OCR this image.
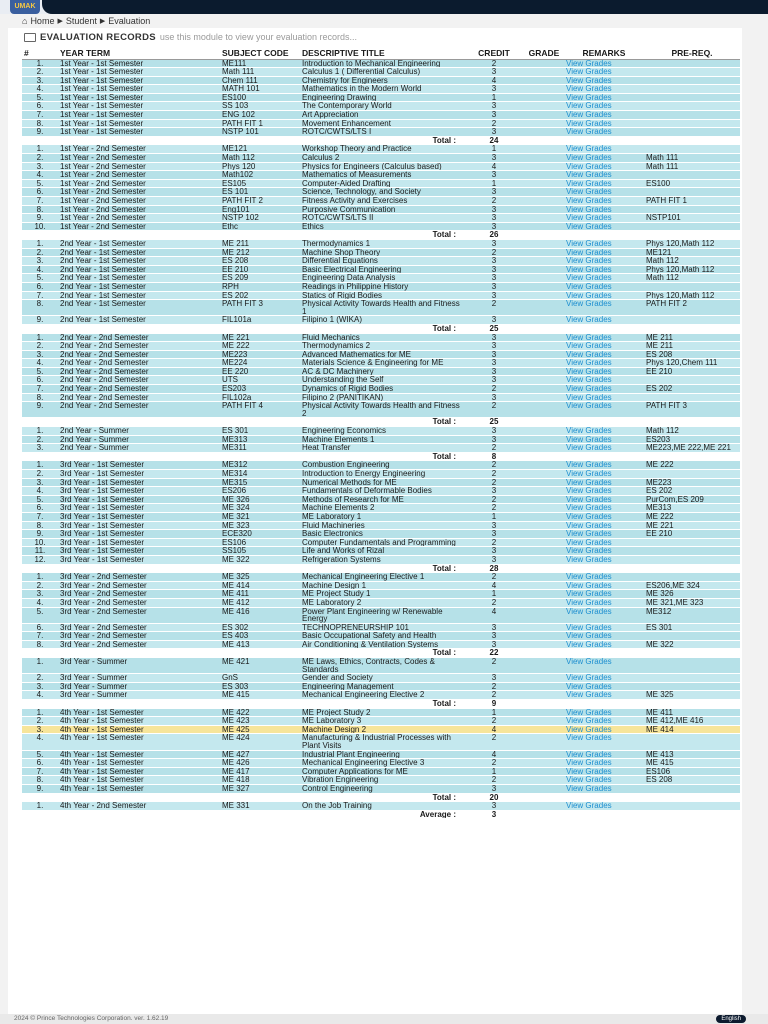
UMAK
⌂ Home ▶ Student ▶ Evaluation
EVALUATION RECORDS use this module to view your evaluation records...
#	YEAR TERM	SUBJECT CODE	DESCRIPTIVE TITLE	CREDIT	GRADE	REMARKS	PRE-REQ.
1.	1st Year - 1st Semester	ME111	Introduction to Mechanical Engineering	2		View Grades	
2.	1st Year - 1st Semester	Math 111	Calculus 1 ( Differential Calculus)	3		View Grades	
3.	1st Year - 1st Semester	Chem 111	Chemistry for Engineers	4		View Grades	
4.	1st Year - 1st Semester	MATH 101	Mathematics in the Modern World	3		View Grades	
5.	1st Year - 1st Semester	ES100	Engineering Drawing	1		View Grades	
6.	1st Year - 1st Semester	SS 103	The Contemporary World	3		View Grades	
7.	1st Year - 1st Semester	ENG 102	Art Appreciation	3		View Grades	
8.	1st Year - 1st Semester	PATH FIT 1	Movement Enhancement	2		View Grades	
9.	1st Year - 1st Semester	NSTP 101	ROTC/CWTS/LTS I	3		View Grades	
Total :				24			
1.	1st Year - 2nd Semester	ME121	Workshop Theory and Practice	1		View Grades	
2.	1st Year - 2nd Semester	Math 112	Calculus 2	3		View Grades	Math 111
3.	1st Year - 2nd Semester	Phys 120	Physics for Engineers (Calculus based)	4		View Grades	Math 111
4.	1st Year - 2nd Semester	Math102	Mathematics of Measurements	3		View Grades	
5.	1st Year - 2nd Semester	ES105	Computer-Aided Drafting	1		View Grades	ES100
6.	1st Year - 2nd Semester	ES 101	Science, Technology, and Society	3		View Grades	
7.	1st Year - 2nd Semester	PATH FIT 2	Fitness Activity and Exercises	2		View Grades	PATH FIT 1
8.	1st Year - 2nd Semester	Eng101	Purposive Communication	3		View Grades	
9.	1st Year - 2nd Semester	NSTP 102	ROTC/CWTS/LTS II	3		View Grades	NSTP101
10.	1st Year - 2nd Semester	Ethc	Ethics	3		View Grades	
Total :				26			
1.	2nd Year - 1st Semester	ME 211	Thermodynamics 1	3		View Grades	Phys 120,Math 112
2.	2nd Year - 1st Semester	ME 212	Machine Shop Theory	2		View Grades	ME121
3.	2nd Year - 1st Semester	ES 208	Differential Equations	3		View Grades	Math 112
4.	2nd Year - 1st Semester	EE 210	Basic Electrical Engineering	3		View Grades	Phys 120,Math 112
5.	2nd Year - 1st Semester	ES 209	Engineering Data Analysis	3		View Grades	Math 112
6.	2nd Year - 1st Semester	RPH	Readings in Philippine History	3		View Grades	
7.	2nd Year - 1st Semester	ES 202	Statics of Rigid Bodies	3		View Grades	Phys 120,Math 112
8.	2nd Year - 1st Semester	PATH FIT 3	Physical Activity Towards Health and Fitness 1	2		View Grades	PATH FIT 2
9.	2nd Year - 1st Semester	FIL101a	Filipino 1 (WIKA)	3		View Grades	
Total :				25			
1.	2nd Year - 2nd Semester	ME 221	Fluid Mechanics	3		View Grades	ME 211
2.	2nd Year - 2nd Semester	ME 222	Thermodynamics 2	3		View Grades	ME 211
3.	2nd Year - 2nd Semester	ME223	Advanced Mathematics for ME	3		View Grades	ES 208
4.	2nd Year - 2nd Semester	ME224	Materials Science & Engineering for ME	3		View Grades	Phys 120,Chem 111
5.	2nd Year - 2nd Semester	EE 220	AC & DC Machinery	3		View Grades	EE 210
6.	2nd Year - 2nd Semester	UTS	Understanding the Self	3		View Grades	
7.	2nd Year - 2nd Semester	ES203	Dynamics of Rigid Bodies	2		View Grades	ES 202
8.	2nd Year - 2nd Semester	FIL102a	Filipino 2 (PANITIKAN)	3		View Grades	
9.	2nd Year - 2nd Semester	PATH FIT 4	Physical Activity Towards Health and Fitness 2	2		View Grades	PATH FIT 3
Total :				25			
1.	2nd Year - Summer	ES 301	Engineering Economics	3		View Grades	Math 112
2.	2nd Year - Summer	ME313	Machine Elements 1	3		View Grades	ES203
3.	2nd Year - Summer	ME311	Heat Transfer	2		View Grades	ME223,ME 222,ME 221
Total :				8			
1.	3rd Year - 1st Semester	ME312	Combustion Engineering	2		View Grades	ME 222
2.	3rd Year - 1st Semester	ME314	Introduction to Energy Engineering	2		View Grades	
3.	3rd Year - 1st Semester	ME315	Numerical Methods for ME	2		View Grades	ME223
4.	3rd Year - 1st Semester	ES206	Fundamentals of Deformable Bodies	3		View Grades	ES 202
5.	3rd Year - 1st Semester	ME 326	Methods of Research for ME	2		View Grades	PurCom,ES 209
6.	3rd Year - 1st Semester	ME 324	Machine Elements 2	2		View Grades	ME313
7.	3rd Year - 1st Semester	ME 321	ME Laboratory 1	1		View Grades	ME 222
8.	3rd Year - 1st Semester	ME 323	Fluid Machineries	3		View Grades	ME 221
9.	3rd Year - 1st Semester	ECE320	Basic Electronics	3		View Grades	EE 210
10.	3rd Year - 1st Semester	ES106	Computer Fundamentals and Programming	2		View Grades	
11.	3rd Year - 1st Semester	SS105	Life and Works of Rizal	3		View Grades	
12.	3rd Year - 1st Semester	ME 322	Refrigeration Systems	3		View Grades	
Total :				28			
1.	3rd Year - 2nd Semester	ME 325	Mechanical Engineering Elective 1	2		View Grades	
2.	3rd Year - 2nd Semester	ME 414	Machine Design 1	4		View Grades	ES206,ME 324
3.	3rd Year - 2nd Semester	ME 411	ME Project Study 1	1		View Grades	ME 326
4.	3rd Year - 2nd Semester	ME 412	ME Laboratory 2	2		View Grades	ME 321,ME 323
5.	3rd Year - 2nd Semester	ME 416	Power Plant Engineering w/ Renewable Energy	4		View Grades	ME312
6.	3rd Year - 2nd Semester	ES 302	TECHNOPRENEURSHIP 101	3		View Grades	ES 301
7.	3rd Year - 2nd Semester	ES 403	Basic Occupational Safety and Health	3		View Grades	
8.	3rd Year - 2nd Semester	ME 413	Air Conditioning & Ventilation Systems	3		View Grades	ME 322
Total :				22			
1.	3rd Year - Summer	ME 421	ME Laws, Ethics, Contracts, Codes & Standards	2		View Grades	
2.	3rd Year - Summer	GnS	Gender and Society	3		View Grades	
3.	3rd Year - Summer	ES 303	Engineering Management	2		View Grades	
4.	3rd Year - Summer	ME 415	Mechanical Engineering Elective 2	2		View Grades	ME 325
Total :				9			
1.	4th Year - 1st Semester	ME 422	ME Project Study 2	1		View Grades	ME 411
2.	4th Year - 1st Semester	ME 423	ME Laboratory 3	2		View Grades	ME 412,ME 416
3.	4th Year - 1st Semester	ME 425	Machine Design 2	4		View Grades	ME 414
4.	4th Year - 1st Semester	ME 424	Manufacturing & Industrial Processes with Plant Visits	2		View Grades	
5.	4th Year - 1st Semester	ME 427	Industrial Plant Engineering	4		View Grades	ME 413
6.	4th Year - 1st Semester	ME 426	Mechanical Engineering Elective 3	2		View Grades	ME 415
7.	4th Year - 1st Semester	ME 417	Computer Applications for ME	1		View Grades	ES106
8.	4th Year - 1st Semester	ME 418	Vibration Engineering	2		View Grades	ES 208
9.	4th Year - 1st Semester	ME 327	Control Engineering	3		View Grades	
Total :				20			
1.	4th Year - 2nd Semester	ME 331	On the Job Training	3		View Grades	
Average :				3			
2024 © Prince Technologies Corporation. ver. 1.62.19	English
